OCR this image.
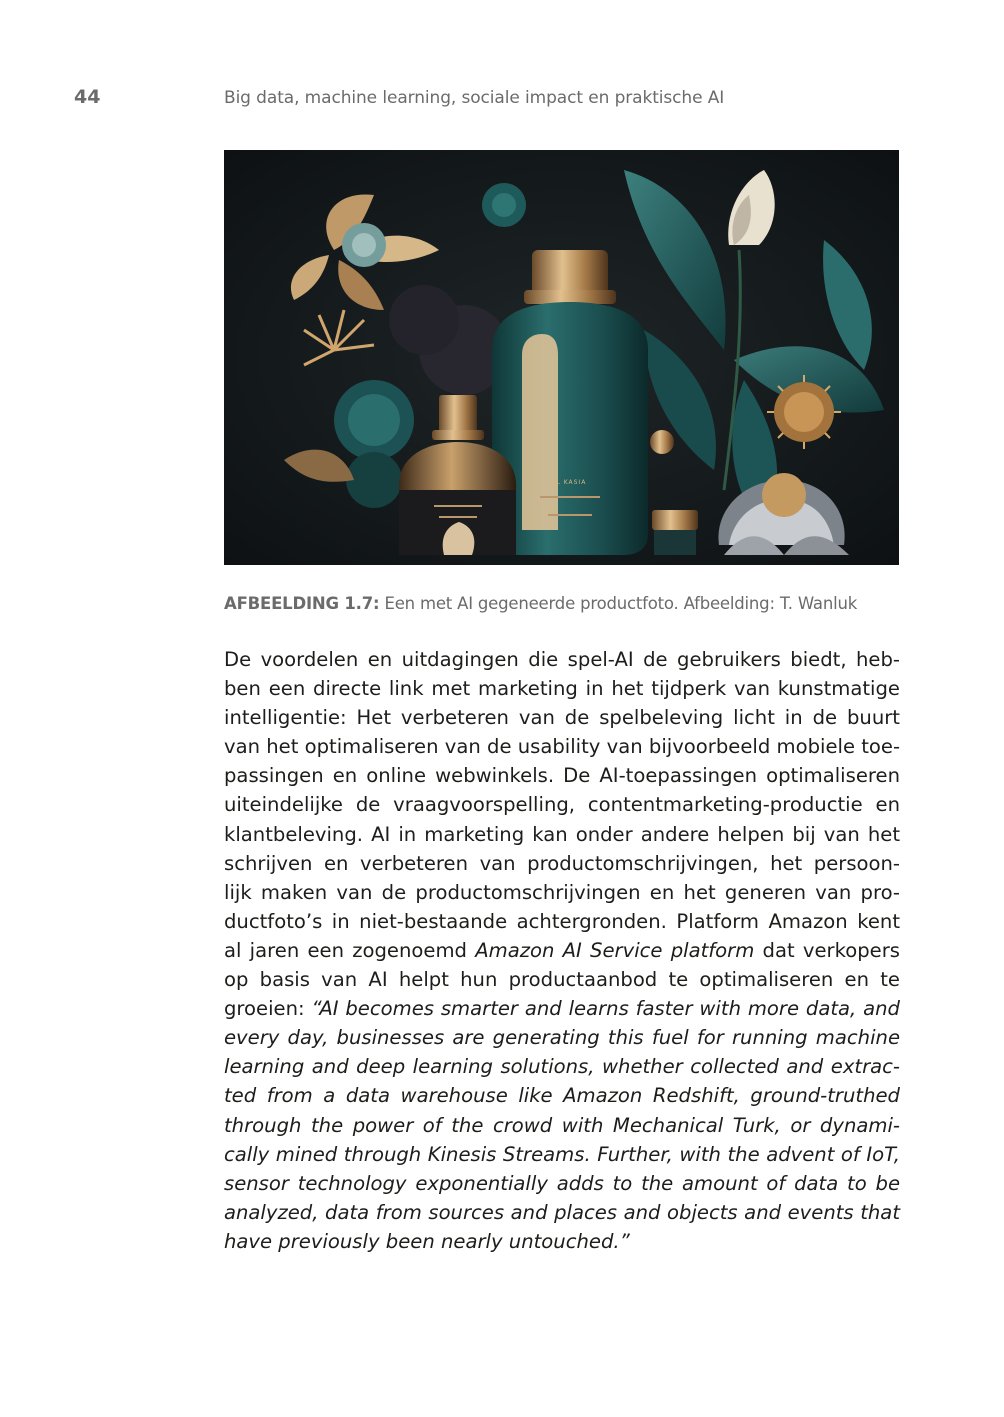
44	Big data, machine learning, sociale impact en praktische AI
IL KASIA
AFBEELDING 1.7: Een met AI gegeneerde productfoto. Afbeelding: T. Wanluk
De voordelen en uitdagingen die spel-AI de gebruikers biedt, heb-
ben een directe link met marketing in het tijdperk van kunstmatige
intelligentie: Het verbeteren van de spelbeleving licht in de buurt
van het optimaliseren van de usability van bijvoorbeeld mobiele toe-
passingen en online webwinkels. De AI-toepassingen optimaliseren
uiteindelijke de vraagvoorspelling, contentmarketing-productie en
klantbeleving. AI in marketing kan onder andere helpen bij van het
schrijven en verbeteren van productomschrijvingen, het persoon-
lijk maken van de productomschrijvingen en het generen van pro-
ductfoto’s in niet-bestaande achtergronden. Platform Amazon kent
al jaren een zogenoemd Amazon AI Service platform dat verkopers
op basis van AI helpt hun productaanbod te optimaliseren en te
groeien: “AI becomes smarter and learns faster with more data, and
every day, businesses are generating this fuel for running machine
learning and deep learning solutions, whether collected and extrac-
ted from a data warehouse like Amazon Redshift, ground-truthed
through the power of the crowd with Mechanical Turk, or dynami-
cally mined through Kinesis Streams. Further, with the advent of IoT,
sensor technology exponentially adds to the amount of data to be
analyzed, data from sources and places and objects and events that
have previously been nearly untouched.”
